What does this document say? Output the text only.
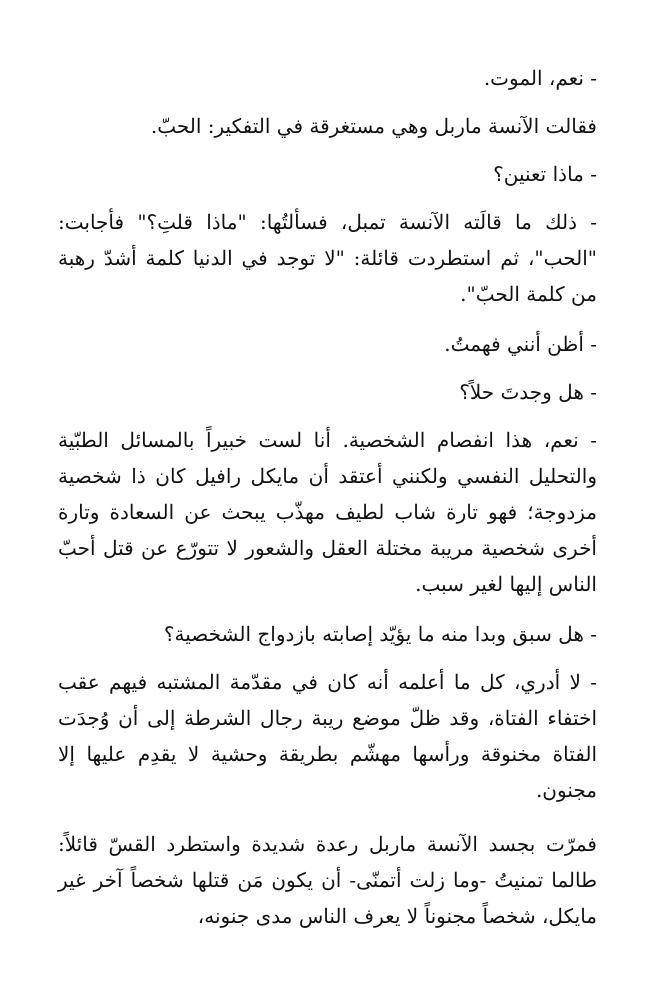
- نعم، الموت.

فقالت الآنسة ماربل وهي مستغرقة في التفكير: الحبّ.

- ماذا تعنين؟

- ذلك ما قالَته الآنسة تمبل، فسألتُها: "ماذا قلتِ؟" فأجابت: "الحب"، ثم استطردت قائلة: "لا توجد في الدنيا كلمة أشدّ رهبة من كلمة الحبّ".

- أظن أنني فهمتُ.

- هل وجدتَ حلاً؟

- نعم، هذا انفصام الشخصية. أنا لست خبيراً بالمسائل الطبّية والتحليل النفسي ولكنني أعتقد أن مايكل رافيل كان ذا شخصية مزدوجة؛ فهو تارة شاب لطيف مهذّب يبحث عن السعادة وتارة أخرى شخصية مريبة مختلة العقل والشعور لا تتورّع عن قتل أحبّ الناس إليها لغير سبب.

- هل سبق وبدا منه ما يؤيّد إصابته بازدواج الشخصية؟

- لا أدري، كل ما أعلمه أنه كان في مقدّمة المشتبه فيهم عقب اختفاء الفتاة، وقد ظلّ موضع ريبة رجال الشرطة إلى أن وُجدَت الفتاة مخنوقة ورأسها مهشّم بطريقة وحشية لا يقدِم عليها إلا مجنون.

فمرّت بجسد الآنسة ماربل رعدة شديدة واستطرد القسّ قائلاً: طالما تمنيتُ -وما زلت أتمنّى- أن يكون مَن قتلها شخصاً آخر غير مايكل، شخصاً مجنوناً لا يعرف الناس مدى جنونه،
